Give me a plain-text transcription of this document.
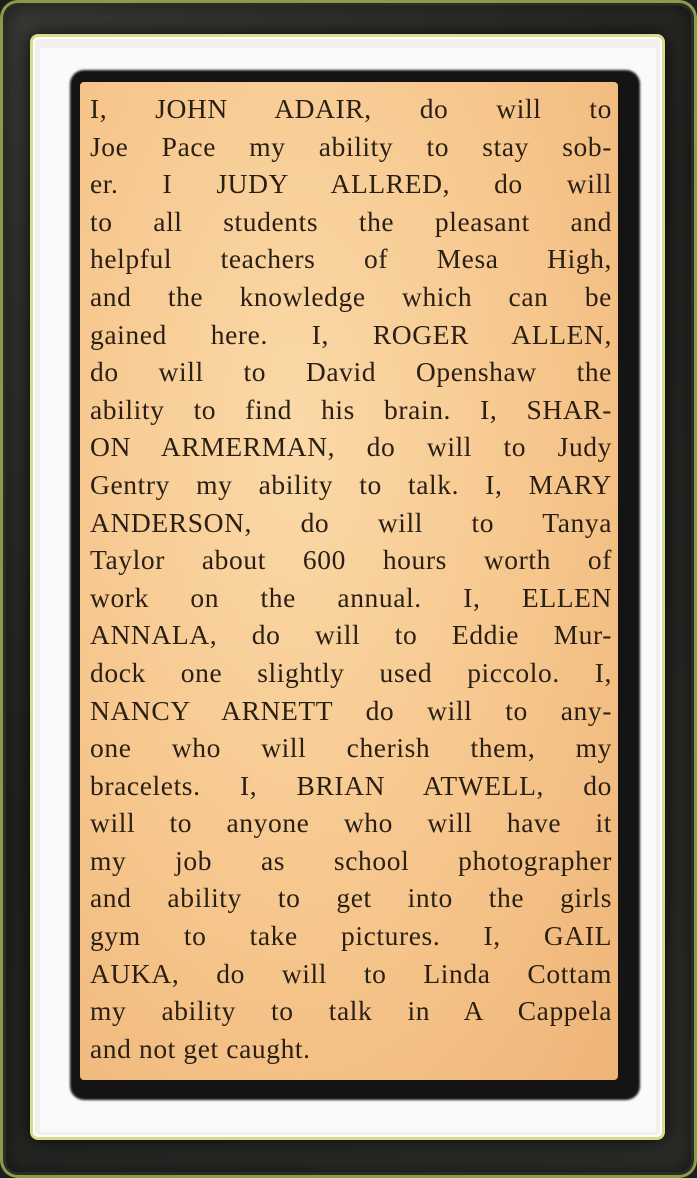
I, JOHN ADAIR, do will to
Joe Pace my ability to stay sob-
er. I JUDY ALLRED, do will
to all students the pleasant and
helpful teachers of Mesa High,
and the knowledge which can be
gained here. I, ROGER ALLEN,
do will to David Openshaw the
ability to find his brain. I, SHAR-
ON ARMERMAN, do will to Judy
Gentry my ability to talk. I, MARY
ANDERSON, do will to Tanya
Taylor about 600 hours worth of
work on the annual. I, ELLEN
ANNALA, do will to Eddie Mur-
dock one slightly used piccolo. I,
NANCY ARNETT do will to any-
one who will cherish them, my
bracelets. I, BRIAN ATWELL, do
will to anyone who will have it
my job as school photographer
and ability to get into the girls
gym to take pictures. I, GAIL
AUKA, do will to Linda Cottam
my ability to talk in A Cappela
and not get caught.
